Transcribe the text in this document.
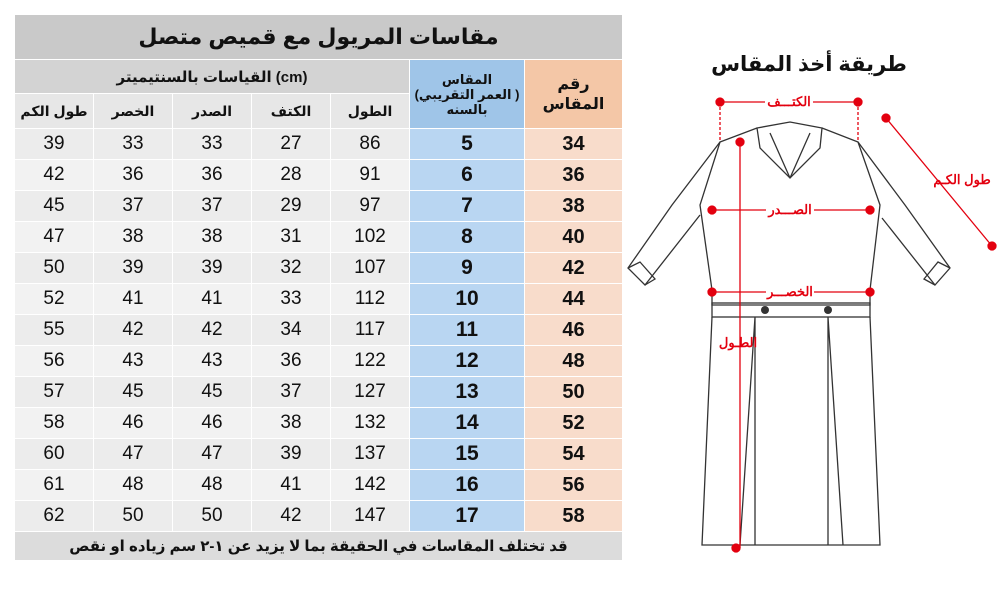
مقاسات المريول مع قميص متصل						
القياسات بالسنتيميتر (cm)					المقاس
(العمر التقريبي )
بالسنه	رقم المقاس
طول الكم	الخصر	الصدر	الكتف	الطول		
39	33	33	27	86	5	34
42	36	36	28	91	6	36
45	37	37	29	97	7	38
47	38	38	31	102	8	40
50	39	39	32	107	9	42
52	41	41	33	112	10	44
55	42	42	34	117	11	46
56	43	43	36	122	12	48
57	45	45	37	127	13	50
58	46	46	38	132	14	52
60	47	47	39	137	15	54
61	48	48	41	142	16	56
62	50	50	42	147	17	58
قد تختلف المقاسات في الحقيقة بما لا يزيد عن ١-٢ سم زياده او نقص						
طريقة أخذ المقاس
الكتـــف
الصـــدر
الخصـــر
الطـول
طول الكـم
